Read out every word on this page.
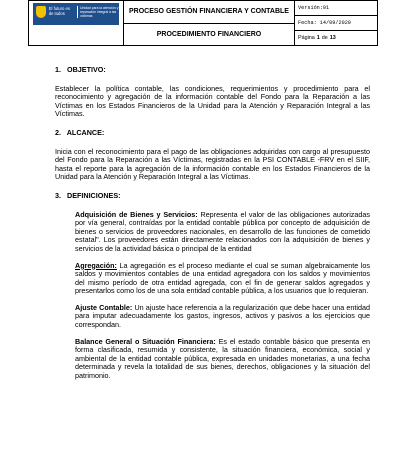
El futuro es de todos
Unidad para la atención y reparación integral a las víctimas
PROCESO GESTIÓN FINANCIERA Y CONTABLE
PROCEDIMIENTO FINANCIERO
Versión:01
Fecha: 14/09/2020
Página 1 de 13
1. OBJETIVO:

Establecer la política contable, las condiciones, requerimientos y procedimiento para el reconocimiento y agregación de la información contable del Fondo para la Reparación a las Víctimas en los Estados Financieros de la Unidad para la Atención y Reparación Integral a las Víctimas.

2. ALCANCE:

Inicia con el reconocimiento para el pago de las obligaciones adquiridas con cargo al presupuesto del Fondo para la Reparación a las Víctimas, registradas en la PSI CONTABLE -FRV en el SIIF, hasta el reporte para la agregación de la información contable en los Estados Financieros de la Unidad para la Atención y Reparación Integral a las Víctimas.

3. DEFINICIONES:

Adquisición de Bienes y Servicios: Representa el valor de las obligaciones autorizadas por vía general, contraídas por la entidad contable pública por concepto de adquisición de bienes o servicios de proveedores nacionales, en desarrollo de las funciones de cometido estatal". Los proveedores están directamente relacionados con la adquisición de bienes y servicios de la actividad básica o principal de la entidad

Agregación: La agregación es el proceso mediante el cual se suman algebraicamente los saldos y movimientos contables de una entidad agregadora con los saldos y movimientos del mismo período de otra entidad agregada, con el fin de generar saldos agregados y presentarlos como los de una sola entidad contable pública, a los usuarios que lo requieran.

Ajuste Contable: Un ajuste hace referencia a la regularización que debe hacer una entidad para imputar adecuadamente los gastos, ingresos, activos y pasivos a los ejercicios que correspondan.

Balance General o Situación Financiera: Es el estado contable básico que presenta en forma clasificada, resumida y consistente, la situación financiera, económica, social y ambiental de la entidad contable pública, expresada en unidades monetarias, a una fecha determinada y revela la totalidad de sus bienes, derechos, obligaciones y la situación del patrimonio.
